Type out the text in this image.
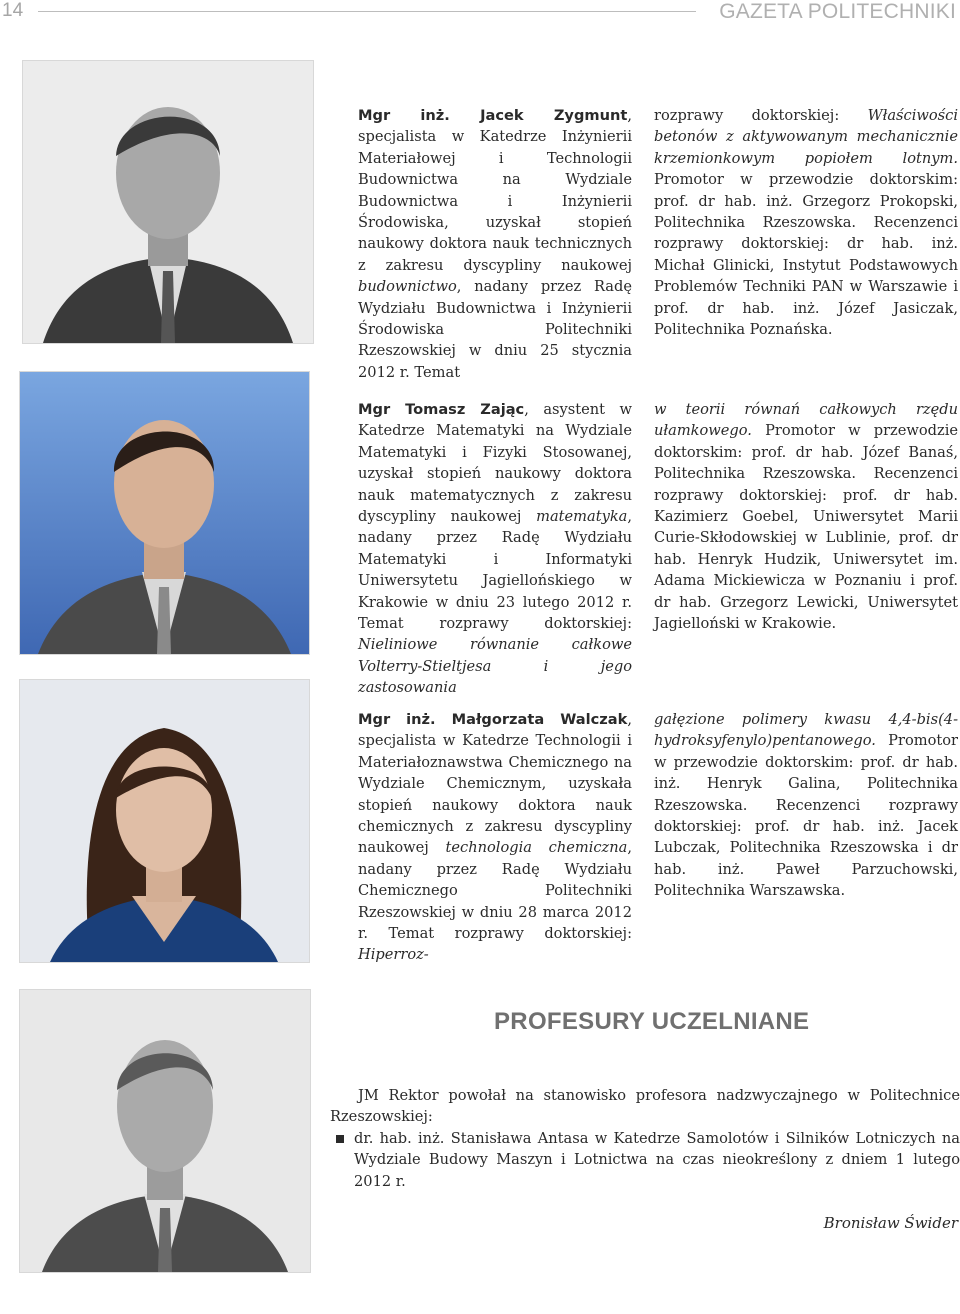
14	GAZETA POLITECHNIKI

Mgr inż. Jacek Zygmunt, specjalista w Katedrze Inżynierii Materiałowej i Technologii Budownictwa na Wydziale Budownictwa i Inżynierii Środowiska, uzyskał stopień naukowy doktora nauk technicznych z zakresu dyscypliny naukowej budownictwo, nadany przez Radę Wydziału Budownictwa i Inżynierii Środowiska Politechniki Rzeszowskiej w dniu 25 stycznia 2012 r. Temat

rozprawy doktorskiej: Właściwości betonów z aktywowanym mechanicznie krzemionkowym popiołem lotnym. Promotor w przewodzie doktorskim: prof. dr hab. inż. Grzegorz Prokopski, Politechnika Rzeszowska. Recenzenci rozprawy doktorskiej: dr hab. inż. Michał Glinicki, Instytut Podstawowych Problemów Techniki PAN w Warszawie i prof. dr hab. inż. Józef Jasiczak, Politechnika Poznańska.

Mgr Tomasz Zając, asystent w Katedrze Matematyki na Wydziale Matematyki i Fizyki Stosowanej, uzyskał stopień naukowy doktora nauk matematycznych z zakresu dyscypliny naukowej matematyka, nadany przez Radę Wydziału Matematyki i Informatyki Uniwersytetu Jagiellońskiego w Krakowie w dniu 23 lutego 2012 r. Temat rozprawy doktorskiej: Nieliniowe równanie całkowe Volterry-Stieltjesa i jego zastosowania

w teorii równań całkowych rzędu ułamkowego. Promotor w przewodzie doktorskim: prof. dr hab. Józef Banaś, Politechnika Rzeszowska. Recenzenci rozprawy doktorskiej: prof. dr hab. Kazimierz Goebel, Uniwersytet Marii Curie-Skłodowskiej w Lublinie, prof. dr hab. Henryk Hudzik, Uniwersytet im. Adama Mickiewicza w Poznaniu i prof. dr hab. Grzegorz Lewicki, Uniwersytet Jagielloński w Krakowie.

Mgr inż. Małgorzata Walczak, specjalista w Katedrze Technologii i Materiałoznawstwa Chemicznego na Wydziale Chemicznym, uzyskała stopień naukowy doktora nauk chemicznych z zakresu dyscypliny naukowej technologia chemiczna, nadany przez Radę Wydziału Chemicznego Politechniki Rzeszowskiej w dniu 28 marca 2012 r. Temat rozprawy doktorskiej: Hiperroz-

gałęzione polimery kwasu 4,4-bis(4-hydroksyfenylo)pentanowego. Promotor w przewodzie doktorskim: prof. dr hab. inż. Henryk Galina, Politechnika Rzeszowska. Recenzenci rozprawy doktorskiej: prof. dr hab. inż. Jacek Lubczak, Politechnika Rzeszowska i dr hab. inż. Paweł Parzuchowski, Politechnika Warszawska.

PROFESURY UCZELNIANE

JM Rektor powołał na stanowisko profesora nadzwyczajnego w Politechnice Rzeszowskiej:

dr. hab. inż. Stanisława Antasa w Katedrze Samolotów i Silników Lotniczych na Wydziale Budowy Maszyn i Lotnictwa na czas nieokreślony z dniem 1 lutego 2012 r.
Bronisław Świder
